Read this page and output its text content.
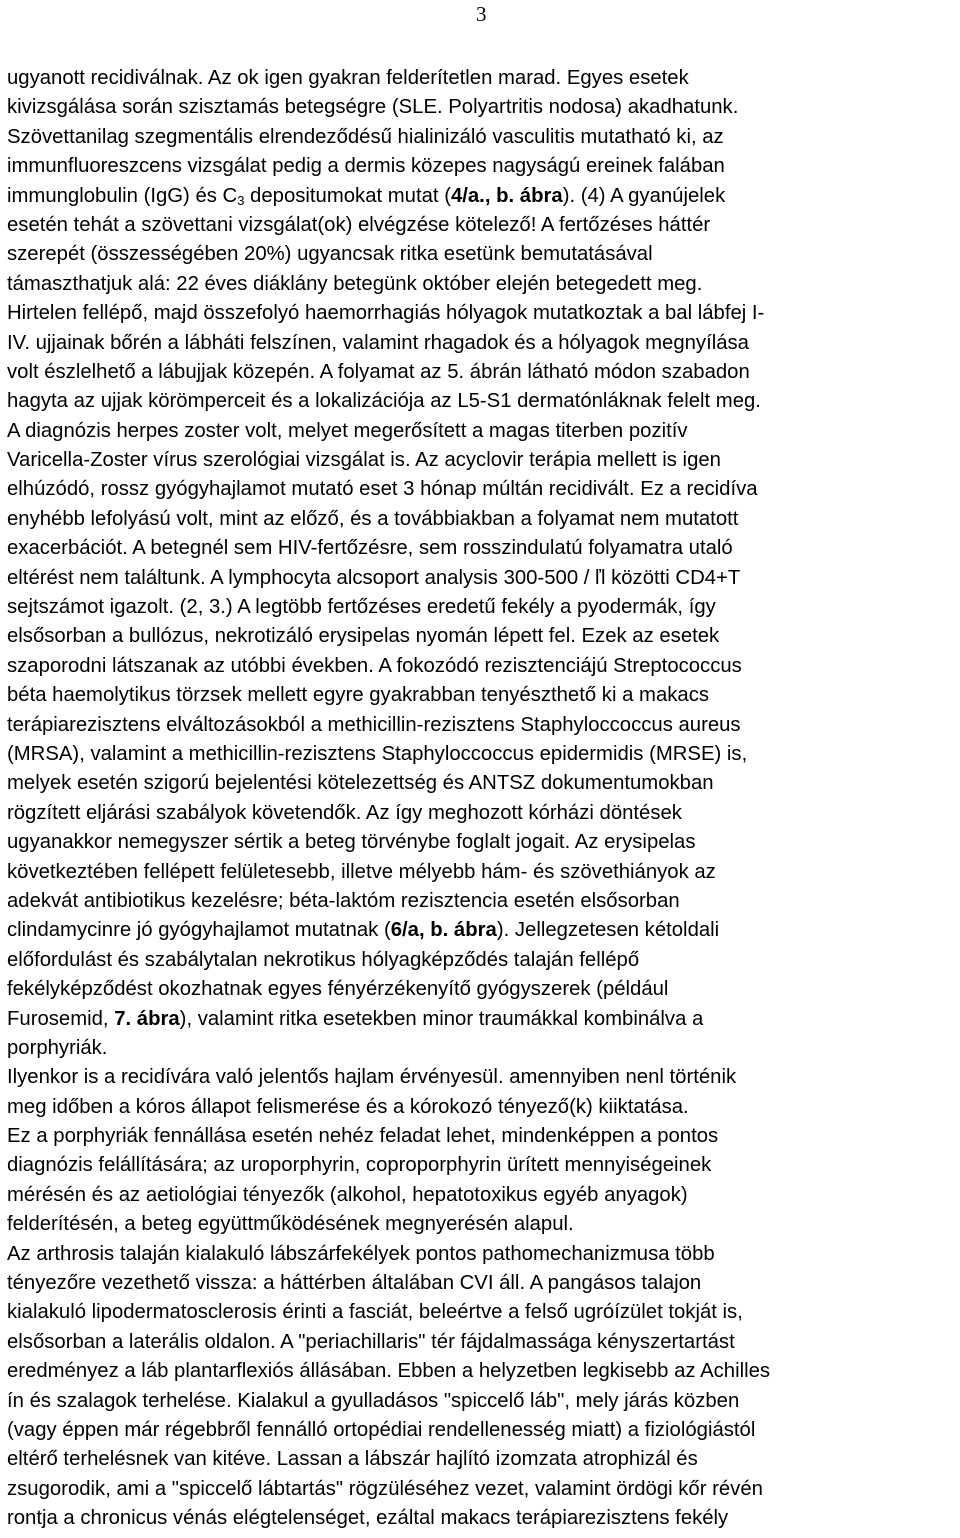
3
ugyanott recidiválnak. Az ok igen gyakran felderítetlen marad. Egyes esetek
kivizsgálása során szisztamás betegségre (SLE. Polyartritis nodosa) akadhatunk.
Szövettanilag szegmentális elrendeződésű hialinizáló vasculitis mutatható ki, az
immunfluoreszcens vizsgálat pedig a dermis közepes nagyságú ereinek falában
immunglobulin (IgG) és $C_3$ depositumokat mutat (4/a., b. ábra). (4) A gyanújelek
esetén tehát a szövettani vizsgálat(ok) elvégzése kötelező! A fertőzéses háttér
szerepét (összességében 20%) ugyancsak ritka esetünk bemutatásával
támaszthatjuk alá: 22 éves diáklány betegünk október elején betegedett meg.
Hirtelen fellépő, majd összefolyó haemorrhagiás hólyagok mutatkoztak a bal lábfej I-
IV. ujjainak bőrén a lábháti felszínen, valamint rhagadok és a hólyagok megnyílása
volt észlelhető a lábujjak közepén. A folyamat az 5. ábrán látható módon szabadon
hagyta az ujjak körömperceit és a lokalizációja az L5-S1 dermatónláknak felelt meg.
A diagnózis herpes zoster volt, melyet megerősített a magas titerben pozitív
Varicella-Zoster vírus szerológiai vizsgálat is. Az acyclovir terápia mellett is igen
elhúzódó, rossz gyógyhajlamot mutató eset 3 hónap múltán recidivált. Ez a recidíva
enyhébb lefolyású volt, mint az előző, és a továbbiakban a folyamat nem mutatott
exacerbációt. A betegnél sem HIV-fertőzésre, sem rosszindulatú folyamatra utaló
eltérést nem találtunk. A lymphocyta alcsoport analysis 300-500 / ľl közötti CD4+T
sejtszámot igazolt. (2, 3.) A legtöbb fertőzéses eredetű fekély a pyodermák, így
elsősorban a bullózus, nekrotizáló erysipelas nyomán lépett fel. Ezek az esetek
szaporodni látszanak az utóbbi években. A fokozódó rezisztenciájú Streptococcus
béta haemolytikus törzsek mellett egyre gyakrabban tenyészthető ki a makacs
terápiarezisztens elváltozásokból a methicillin-rezisztens Staphyloccoccus aureus
(MRSA), valamint a methicillin-rezisztens Staphyloccoccus epidermidis (MRSE) is,
melyek esetén szigorú bejelentési kötelezettség és ANTSZ dokumentumokban
rögzített eljárási szabályok követendők. Az így meghozott kórházi döntések
ugyanakkor nemegyszer sértik a beteg törvénybe foglalt jogait. Az erysipelas
következtében fellépett felületesebb, illetve mélyebb hám- és szövethiányok az
adekvát antibiotikus kezelésre; béta-laktóm rezisztencia esetén elsősorban
clindamycinre jó gyógyhajlamot mutatnak (6/a, b. ábra). Jellegzetesen kétoldali
előfordulást és szabálytalan nekrotikus hólyagképződés talaján fellépő
fekélyképződést okozhatnak egyes fényérzékenyítő gyógyszerek (például
Furosemid, 7. ábra), valamint ritka esetekben minor traumákkal kombinálva a
porphyriák.
Ilyenkor is a recidívára való jelentős hajlam érvényesül. amennyiben nenl történik
meg időben a kóros állapot felismerése és a kórokozó tényező(k) kiiktatása.
Ez a porphyriák fennállása esetén nehéz feladat lehet, mindenképpen a pontos
diagnózis felállítására; az uroporphyrin, coproporphyrin ürített mennyiségeinek
mérésén és az aetiológiai tényezők (alkohol, hepatotoxikus egyéb anyagok)
felderítésén, a beteg együttműködésének megnyerésén alapul.
Az arthrosis talaján kialakuló lábszárfekélyek pontos pathomechanizmusa több
tényezőre vezethető vissza: a háttérben általában CVI áll. A pangásos talajon
kialakuló lipodermatosclerosis érinti a fasciát, beleértve a felső ugróízület tokját is,
elsősorban a laterális oldalon. A "periachillaris" tér fájdalmassága kényszertartást
eredményez a láb plantarflexiós állásában. Ebben a helyzetben legkisebb az Achilles
ín és szalagok terhelése. Kialakul a gyulladásos "spiccelő láb", mely járás közben
(vagy éppen már régebbről fennálló ortopédiai rendellenesség miatt) a fiziológiástól
eltérő terhelésnek van kitéve. Lassan a lábszár hajlító izomzata atrophizál és
zsugorodik, ami a "spiccelő lábtartás" rögzüléséhez vezet, valamint ördögi kőr révén
rontja a chronicus vénás elégtelenséget, ezáltal makacs terápiarezisztens fekély
